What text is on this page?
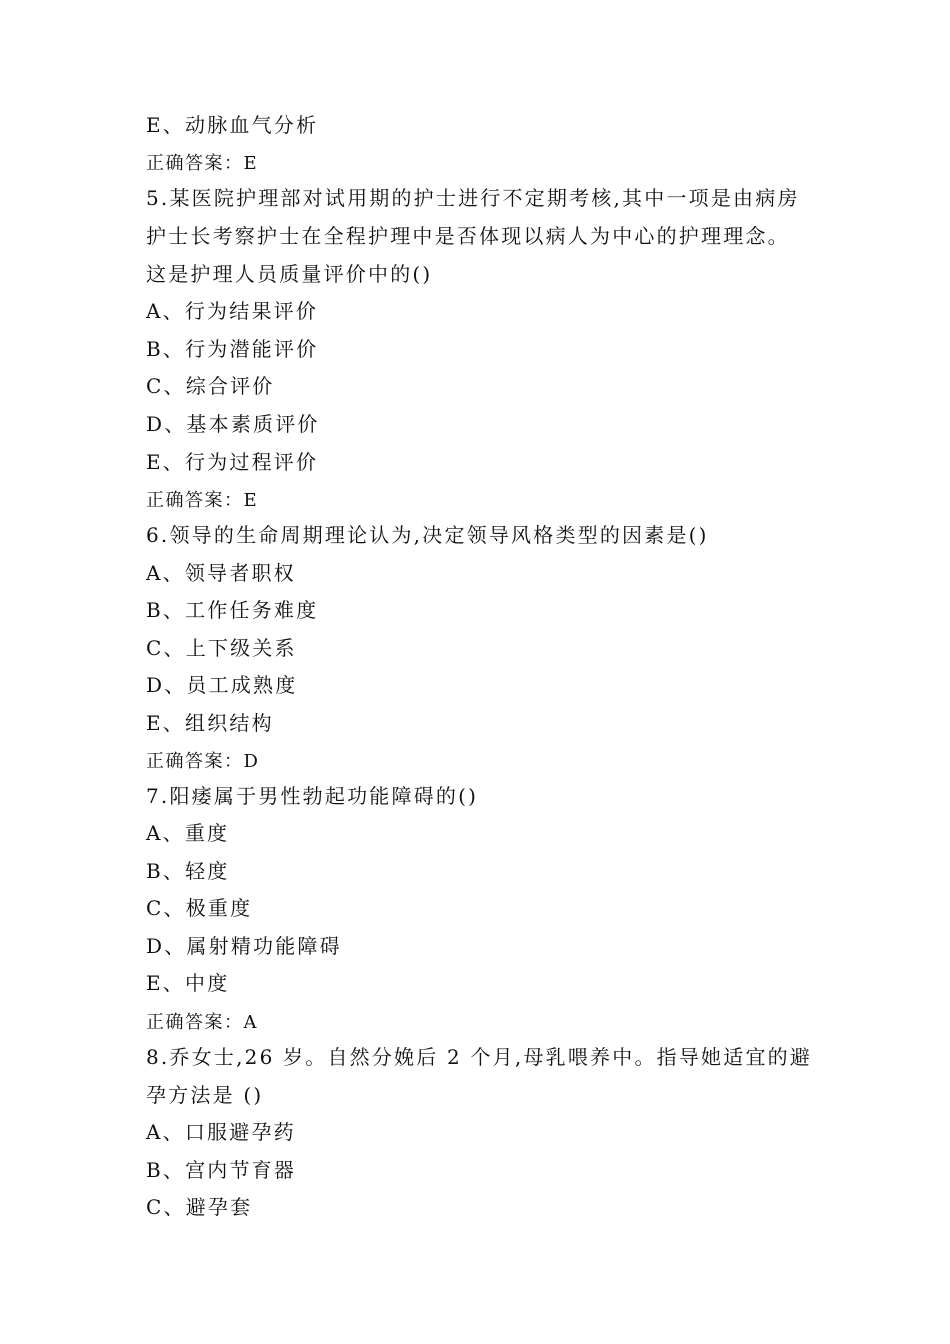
E、动脉血气分析
正确答案：E
5.某医院护理部对试用期的护士进行不定期考核,其中一项是由病房
护士长考察护士在全程护理中是否体现以病人为中心的护理理念。
这是护理人员质量评价中的()
A、行为结果评价
B、行为潜能评价
C、综合评价
D、基本素质评价
E、行为过程评价
正确答案：E
6.领导的生命周期理论认为,决定领导风格类型的因素是()
A、领导者职权
B、工作任务难度
C、上下级关系
D、员工成熟度
E、组织结构
正确答案：D
7.阳痿属于男性勃起功能障碍的()
A、重度
B、轻度
C、极重度
D、属射精功能障碍
E、中度
正确答案：A
8.乔女士,26 岁。自然分娩后 2 个月,母乳喂养中。指导她适宜的避
孕方法是 ()
A、口服避孕药
B、宫内节育器
C、避孕套
